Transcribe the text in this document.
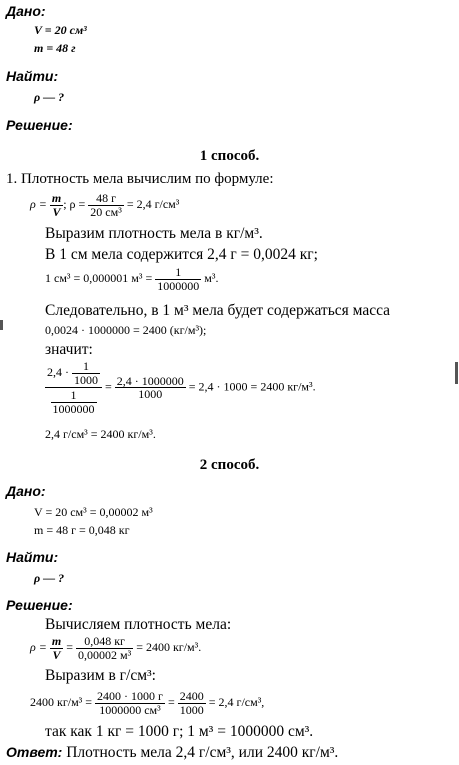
Дано:
V = 20 см³
m = 48 г
Найти:
ρ — ?
Решение:
1 способ.
1. Плотность мела вычислим по формуле:
$\rho = \frac{m}{V}$ ; $\rho = \frac{48 г}{\text{20 см³}} = 2,4$ г/см³
Выразим плотность мела в кг/м³.
В 1 см мела содержится 2,4 г = 0,0024 кг;
1 см³ = 0,000001 $м^3 = \frac{1}{1000000} м^3$.
Следовательно, в 1 м³ мела будет содержаться масса
0,0024 · 1000000 = 2400 (кг/м³);
значит:
$\frac{2,4 \cdot \frac{1}{1000}}{\frac{1}{1000000}} = \frac{2,4 \cdot 1000000}{1000} = 2,4 \cdot 1000 = 2400$ кг/м³.
2,4 г/см³ = 2400 кг/м³.
2 способ.
Дано:
V = 20 см³ = 0,00002 м³
m = 48 г = 0,048 кг
Найти:
ρ — ?
Решение:
Вычисляем плотность мела:
$\rho = \frac{m}{V} = \frac{0,048 кг}{\text{0,00002 м³}} = 2400$ кг/м³.
Выразим в г/см³:
2400 $кг/м^3 = \frac{2400 \cdot 1000 г}{\text{1000000 см³}} = \frac{2400}{1000} = 2,4$ г/см³,
так как 1 кг = 1000 г; 1 м³ = 1000000 см³.
Ответ: Плотность мела 2,4 г/см³, или 2400 кг/м³.
